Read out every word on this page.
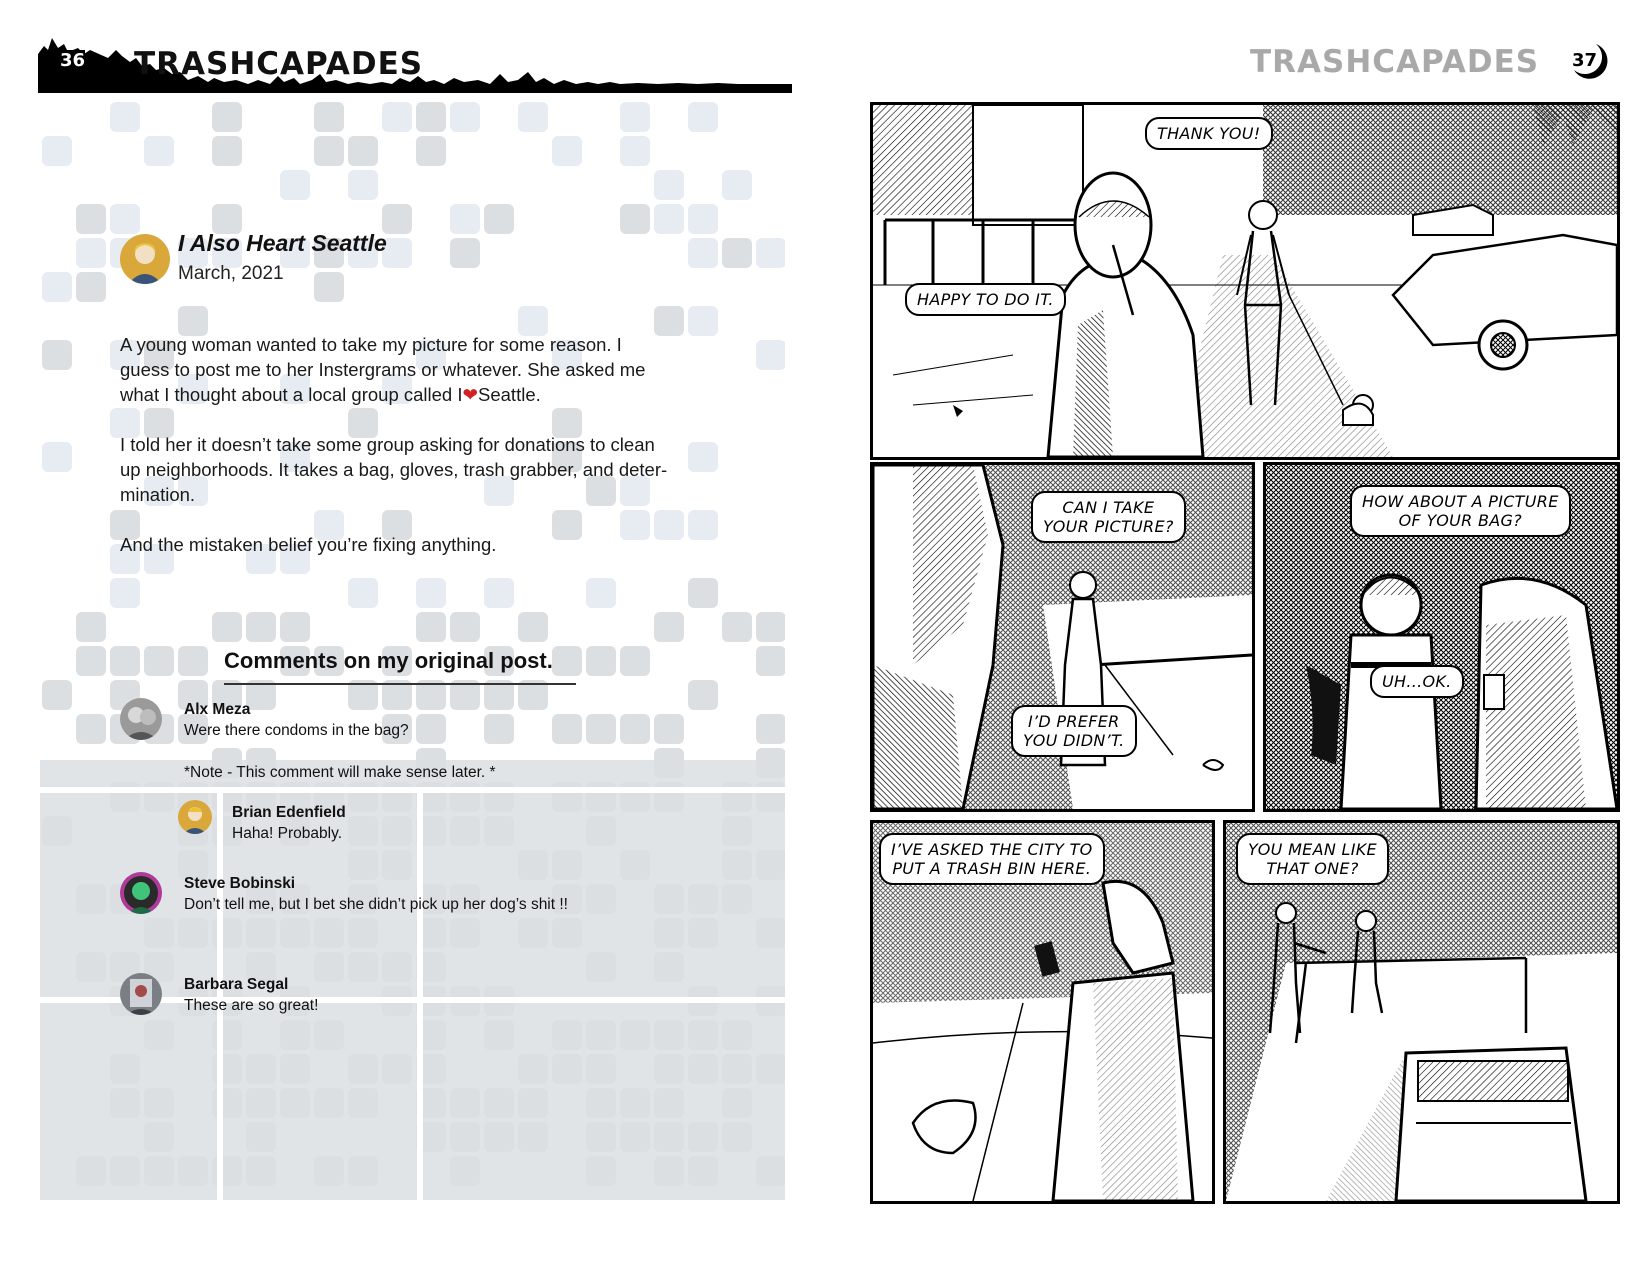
36 TRASHCAPADES
I Also Heart Seattle
March, 2021

A young woman wanted to take my picture for some reason. I
guess to post me to her Instergrams or whatever. She asked me
what I thought about a local group called I❤Seattle.

I told her it doesn’t take some group asking for donations to clean
up neighborhoods. It takes a bag, gloves, trash grabber, and deter-
mination.

And the mistaken belief you’re fixing anything.

Comments on my original post.
Alx Meza
Were there condoms in the bag?
*Note - This comment will make sense later. *
Brian Edenfield
Haha! Probably.
Steve Bobinski
Don’t tell me, but I bet she didn’t pick up her dog’s shit !!
Barbara Segal
These are so great!
TRASHCAPADES 37
THANK YOU!
HAPPY TO DO IT.
CAN I TAKE
YOUR PICTURE?
I’D PREFER
YOU DIDN’T.
HOW ABOUT A PICTURE
OF YOUR BAG?
UH...OK.
I’VE ASKED THE CITY TO
PUT A TRASH BIN HERE.
YOU MEAN LIKE
THAT ONE?
